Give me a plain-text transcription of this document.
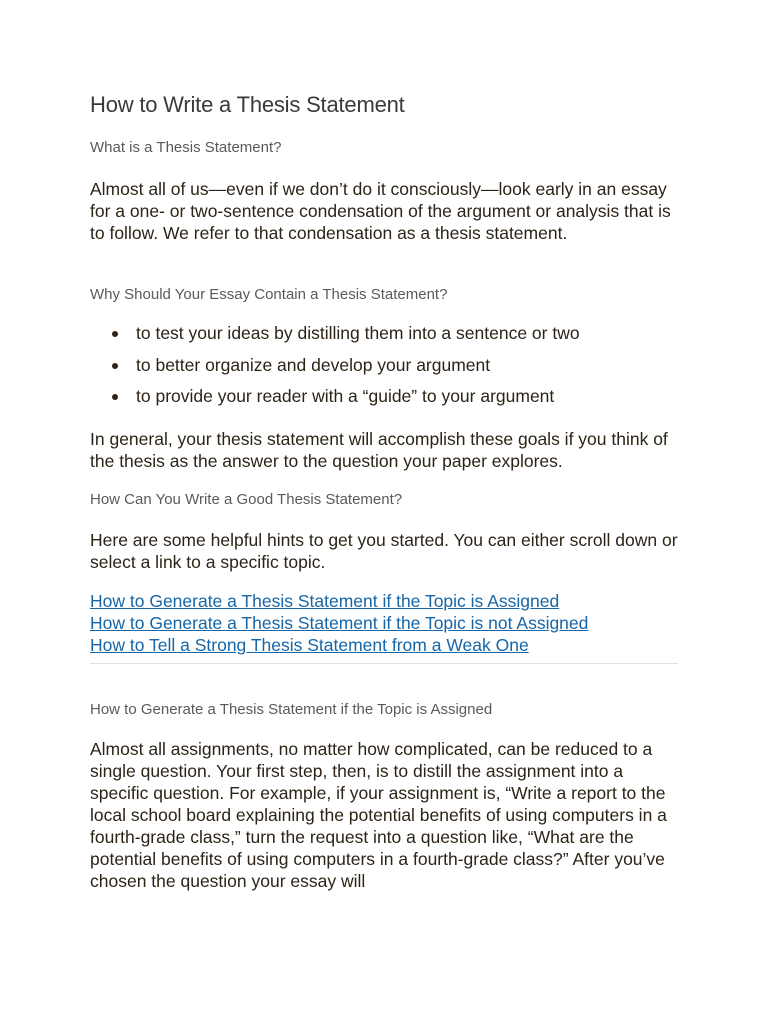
How to Write a Thesis Statement
What is a Thesis Statement?

Almost all of us—even if we don’t do it consciously—look early in an essay for a one- or two-sentence condensation of the argument or analysis that is to follow. We refer to that condensation as a thesis statement.

Why Should Your Essay Contain a Thesis Statement?
to test your ideas by distilling them into a sentence or two
to better organize and develop your argument
to provide your reader with a “guide” to your argument

In general, your thesis statement will accomplish these goals if you think of the thesis as the answer to the question your paper explores.

How Can You Write a Good Thesis Statement?

Here are some helpful hints to get you started. You can either scroll down or select a link to a specific topic.

How to Generate a Thesis Statement if the Topic is Assigned
How to Generate a Thesis Statement if the Topic is not Assigned
How to Tell a Strong Thesis Statement from a Weak One
How to Generate a Thesis Statement if the Topic is Assigned

Almost all assignments, no matter how complicated, can be reduced to a single question. Your first step, then, is to distill the assignment into a specific question. For example, if your assignment is, “Write a report to the local school board explaining the potential benefits of using computers in a fourth-grade class,” turn the request into a question like, “What are the potential benefits of using computers in a fourth-grade class?” After you’ve chosen the question your essay will
